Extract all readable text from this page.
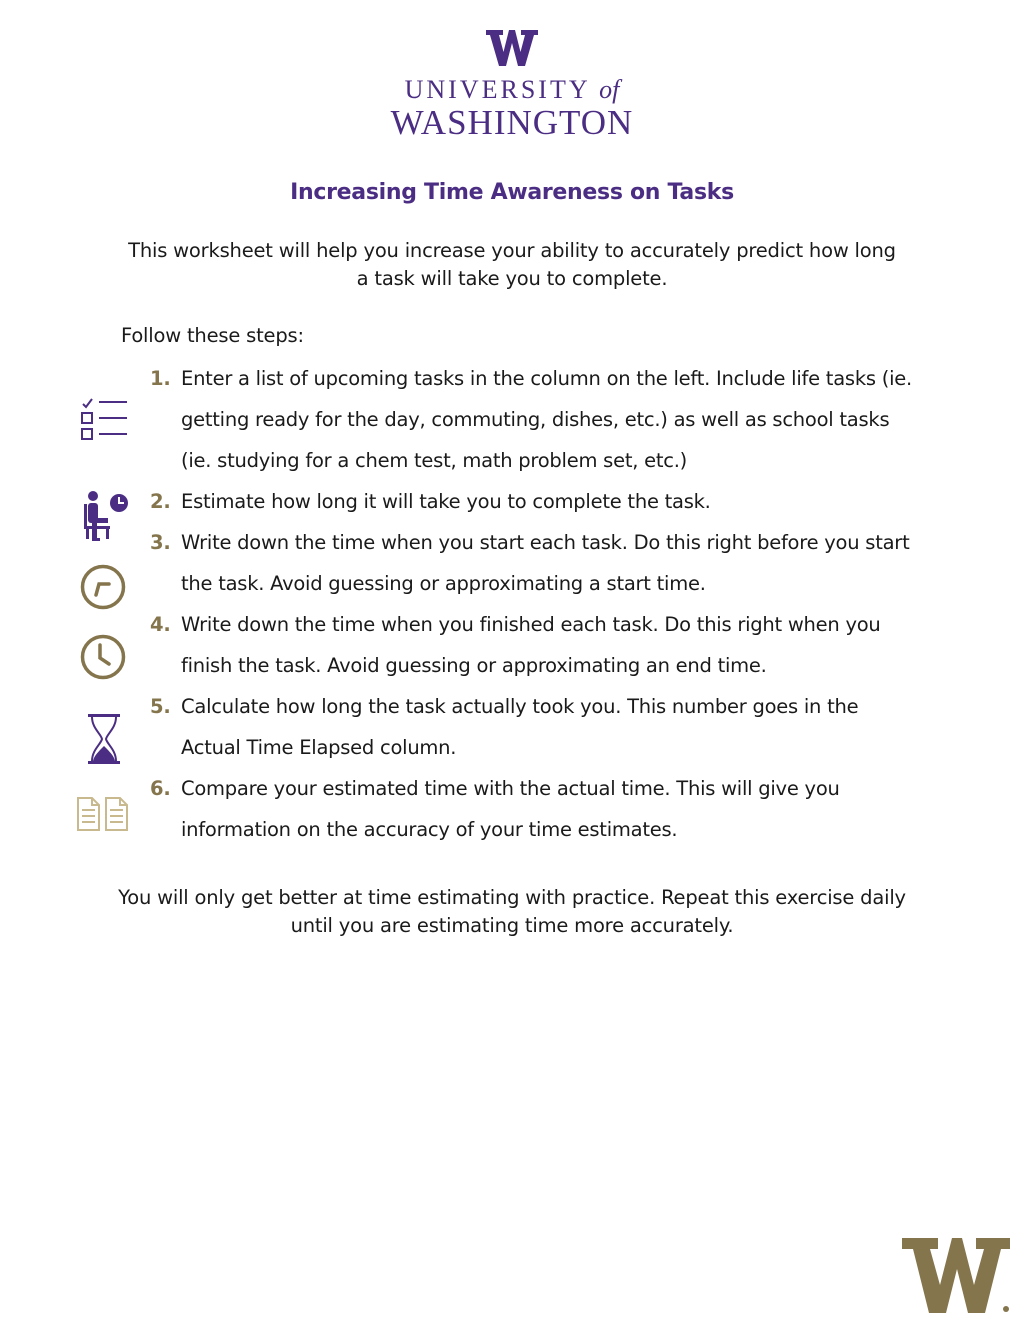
UNIVERSITY of
WASHINGTON
Increasing Time Awareness on Tasks
This worksheet will help you increase your ability to accurately predict how long a task will take you to complete.
Follow these steps:
1. Enter a list of upcoming tasks in the column on the left. Include life tasks (ie. getting ready for the day, commuting, dishes, etc.) as well as school tasks (ie. studying for a chem test, math problem set, etc.)
2. Estimate how long it will take you to complete the task.
3. Write down the time when you start each task. Do this right before you start the task. Avoid guessing or approximating a start time.
4. Write down the time when you finished each task. Do this right when you finish the task. Avoid guessing or approximating an end time.
5. Calculate how long the task actually took you. This number goes in the Actual Time Elapsed column.
6. Compare your estimated time with the actual time. This will give you information on the accuracy of your time estimates.
You will only get better at time estimating with practice. Repeat this exercise daily until you are estimating time more accurately.
